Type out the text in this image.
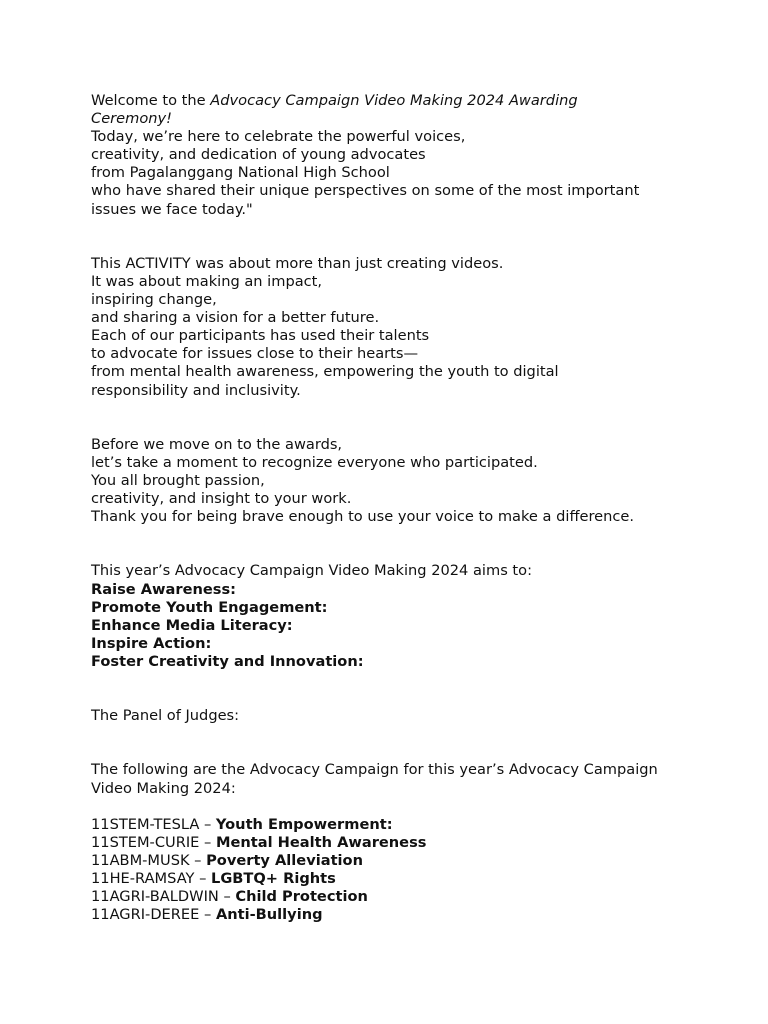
Welcome to the Advocacy Campaign Video Making 2024 Awarding
Ceremony!
Today, we’re here to celebrate the powerful voices,
creativity, and dedication of young advocates
from Pagalanggang National High School
who have shared their unique perspectives on some of the most important
issues we face today."
This ACTIVITY was about more than just creating videos.
It was about making an impact,
inspiring change,
and sharing a vision for a better future.
Each of our participants has used their talents
to advocate for issues close to their hearts—
from mental health awareness, empowering the youth to digital
responsibility and inclusivity.
Before we move on to the awards,
let’s take a moment to recognize everyone who participated.
You all brought passion,
creativity, and insight to your work.
Thank you for being brave enough to use your voice to make a difference.
This year’s Advocacy Campaign Video Making 2024 aims to:
Raise Awareness:
Promote Youth Engagement:
Enhance Media Literacy:
Inspire Action:
Foster Creativity and Innovation:
The Panel of Judges:
The following are the Advocacy Campaign for this year’s Advocacy Campaign
Video Making 2024:
11STEM-TESLA – Youth Empowerment:
11STEM-CURIE – Mental Health Awareness
11ABM-MUSK – Poverty Alleviation
11HE-RAMSAY – LGBTQ+ Rights
11AGRI-BALDWIN – Child Protection
11AGRI-DEREE – Anti-Bullying
